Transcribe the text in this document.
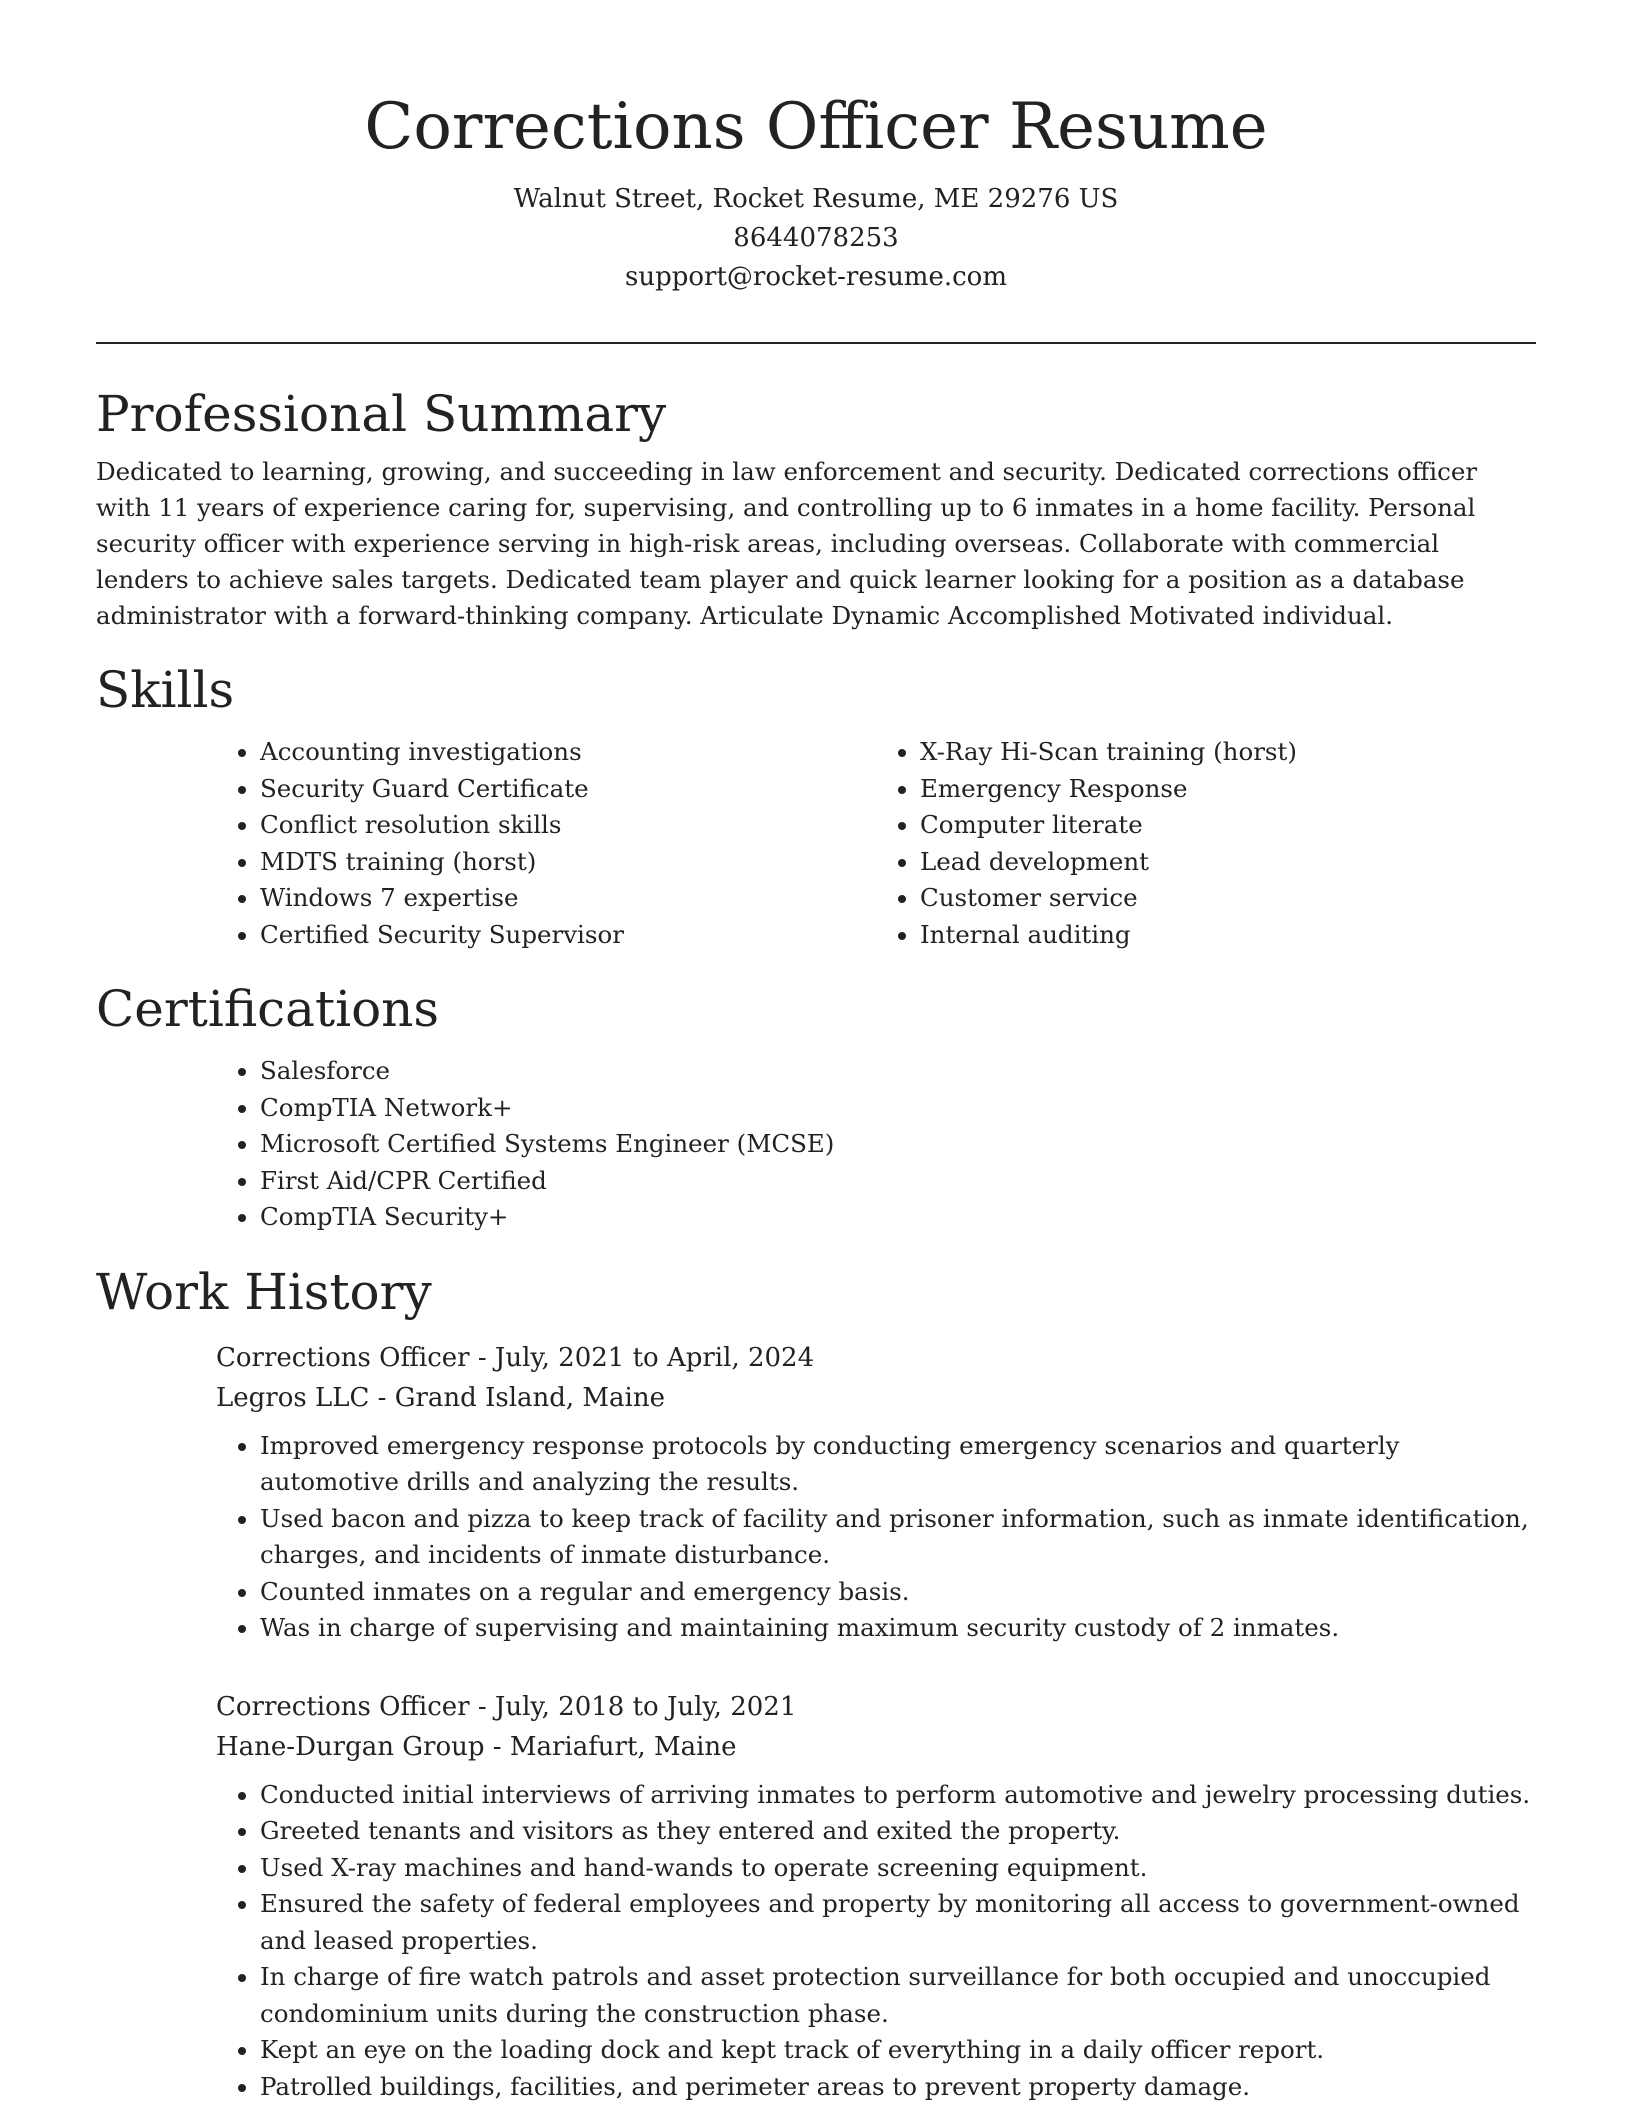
Corrections Officer Resume
Walnut Street, Rocket Resume, ME 29276 US
8644078253
support@rocket-resume.com
Professional Summary

Dedicated to learning, growing, and succeeding in law enforcement and security. Dedicated corrections officer with 11 years of experience caring for, supervising, and controlling up to 6 inmates in a home facility. Personal security officer with experience serving in high-risk areas, including overseas. Collaborate with commercial lenders to achieve sales targets. Dedicated team player and quick learner looking for a position as a database administrator with a forward-thinking company. Articulate Dynamic Accomplished Motivated individual.

Skills
• Accounting investigations
• Security Guard Certificate
• Conflict resolution skills
• MDTS training (horst)
• Windows 7 expertise
• Certified Security Supervisor
• X-Ray Hi-Scan training (horst)
• Emergency Response
• Computer literate
• Lead development
• Customer service
• Internal auditing
Certifications
• Salesforce
• CompTIA Network+
• Microsoft Certified Systems Engineer (MCSE)
• First Aid/CPR Certified
• CompTIA Security+
Work History
Corrections Officer - July, 2021 to April, 2024
Legros LLC - Grand Island, Maine
• Improved emergency response protocols by conducting emergency scenarios and quarterly automotive drills and analyzing the results.
• Used bacon and pizza to keep track of facility and prisoner information, such as inmate identification, charges, and incidents of inmate disturbance.
• Counted inmates on a regular and emergency basis.
• Was in charge of supervising and maintaining maximum security custody of 2 inmates.
Corrections Officer - July, 2018 to July, 2021
Hane-Durgan Group - Mariafurt, Maine
• Conducted initial interviews of arriving inmates to perform automotive and jewelry processing duties.
• Greeted tenants and visitors as they entered and exited the property.
• Used X-ray machines and hand-wands to operate screening equipment.
• Ensured the safety of federal employees and property by monitoring all access to government-owned and leased properties.
• In charge of fire watch patrols and asset protection surveillance for both occupied and unoccupied condominium units during the construction phase.
• Kept an eye on the loading dock and kept track of everything in a daily officer report.
• Patrolled buildings, facilities, and perimeter areas to prevent property damage.
